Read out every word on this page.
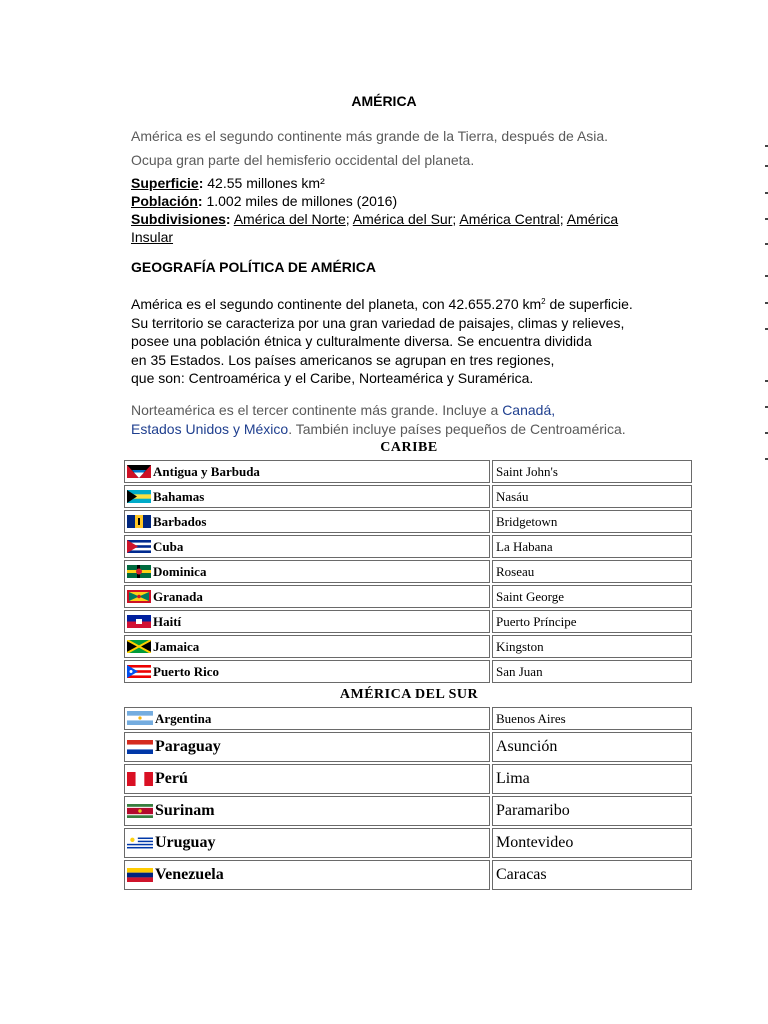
AMÉRICA
América es el segundo continente más grande de la Tierra, después de Asia.
Ocupa gran parte del hemisferio occidental del planeta.
Superficie: 42.55 millones km²
Población: 1.002 miles de millones (2016)
Subdivisiones: América del Norte; América del Sur; América Central; América
Insular
GEOGRAFÍA POLÍTICA DE AMÉRICA
América es el segundo continente del planeta, con 42.655.270 $km^2$ de superficie.
Su territorio se caracteriza por una gran variedad de paisajes, climas y relieves,
posee una población étnica y culturalmente diversa. Se encuentra dividida
en 35 Estados. Los países americanos se agrupan en tres regiones,
que son: Centroamérica y el Caribe, Norteamérica y Suramérica.
Norteamérica es el tercer continente más grande. Incluye a Canadá,
Estados Unidos y México. También incluye países pequeños de Centroamérica.
CARIBE
Antigua y Barbuda	Saint John's
Bahamas	Nasáu
Barbados	Bridgetown
Cuba	La Habana
Dominica	Roseau
Granada	Saint George
Haití	Puerto Príncipe
Jamaica	Kingston
Puerto Rico	San Juan
AMÉRICA DEL SUR
Argentina	Buenos Aires
Paraguay	Asunción
Perú	Lima
Surinam	Paramaribo
Uruguay	Montevideo
Venezuela	Caracas
